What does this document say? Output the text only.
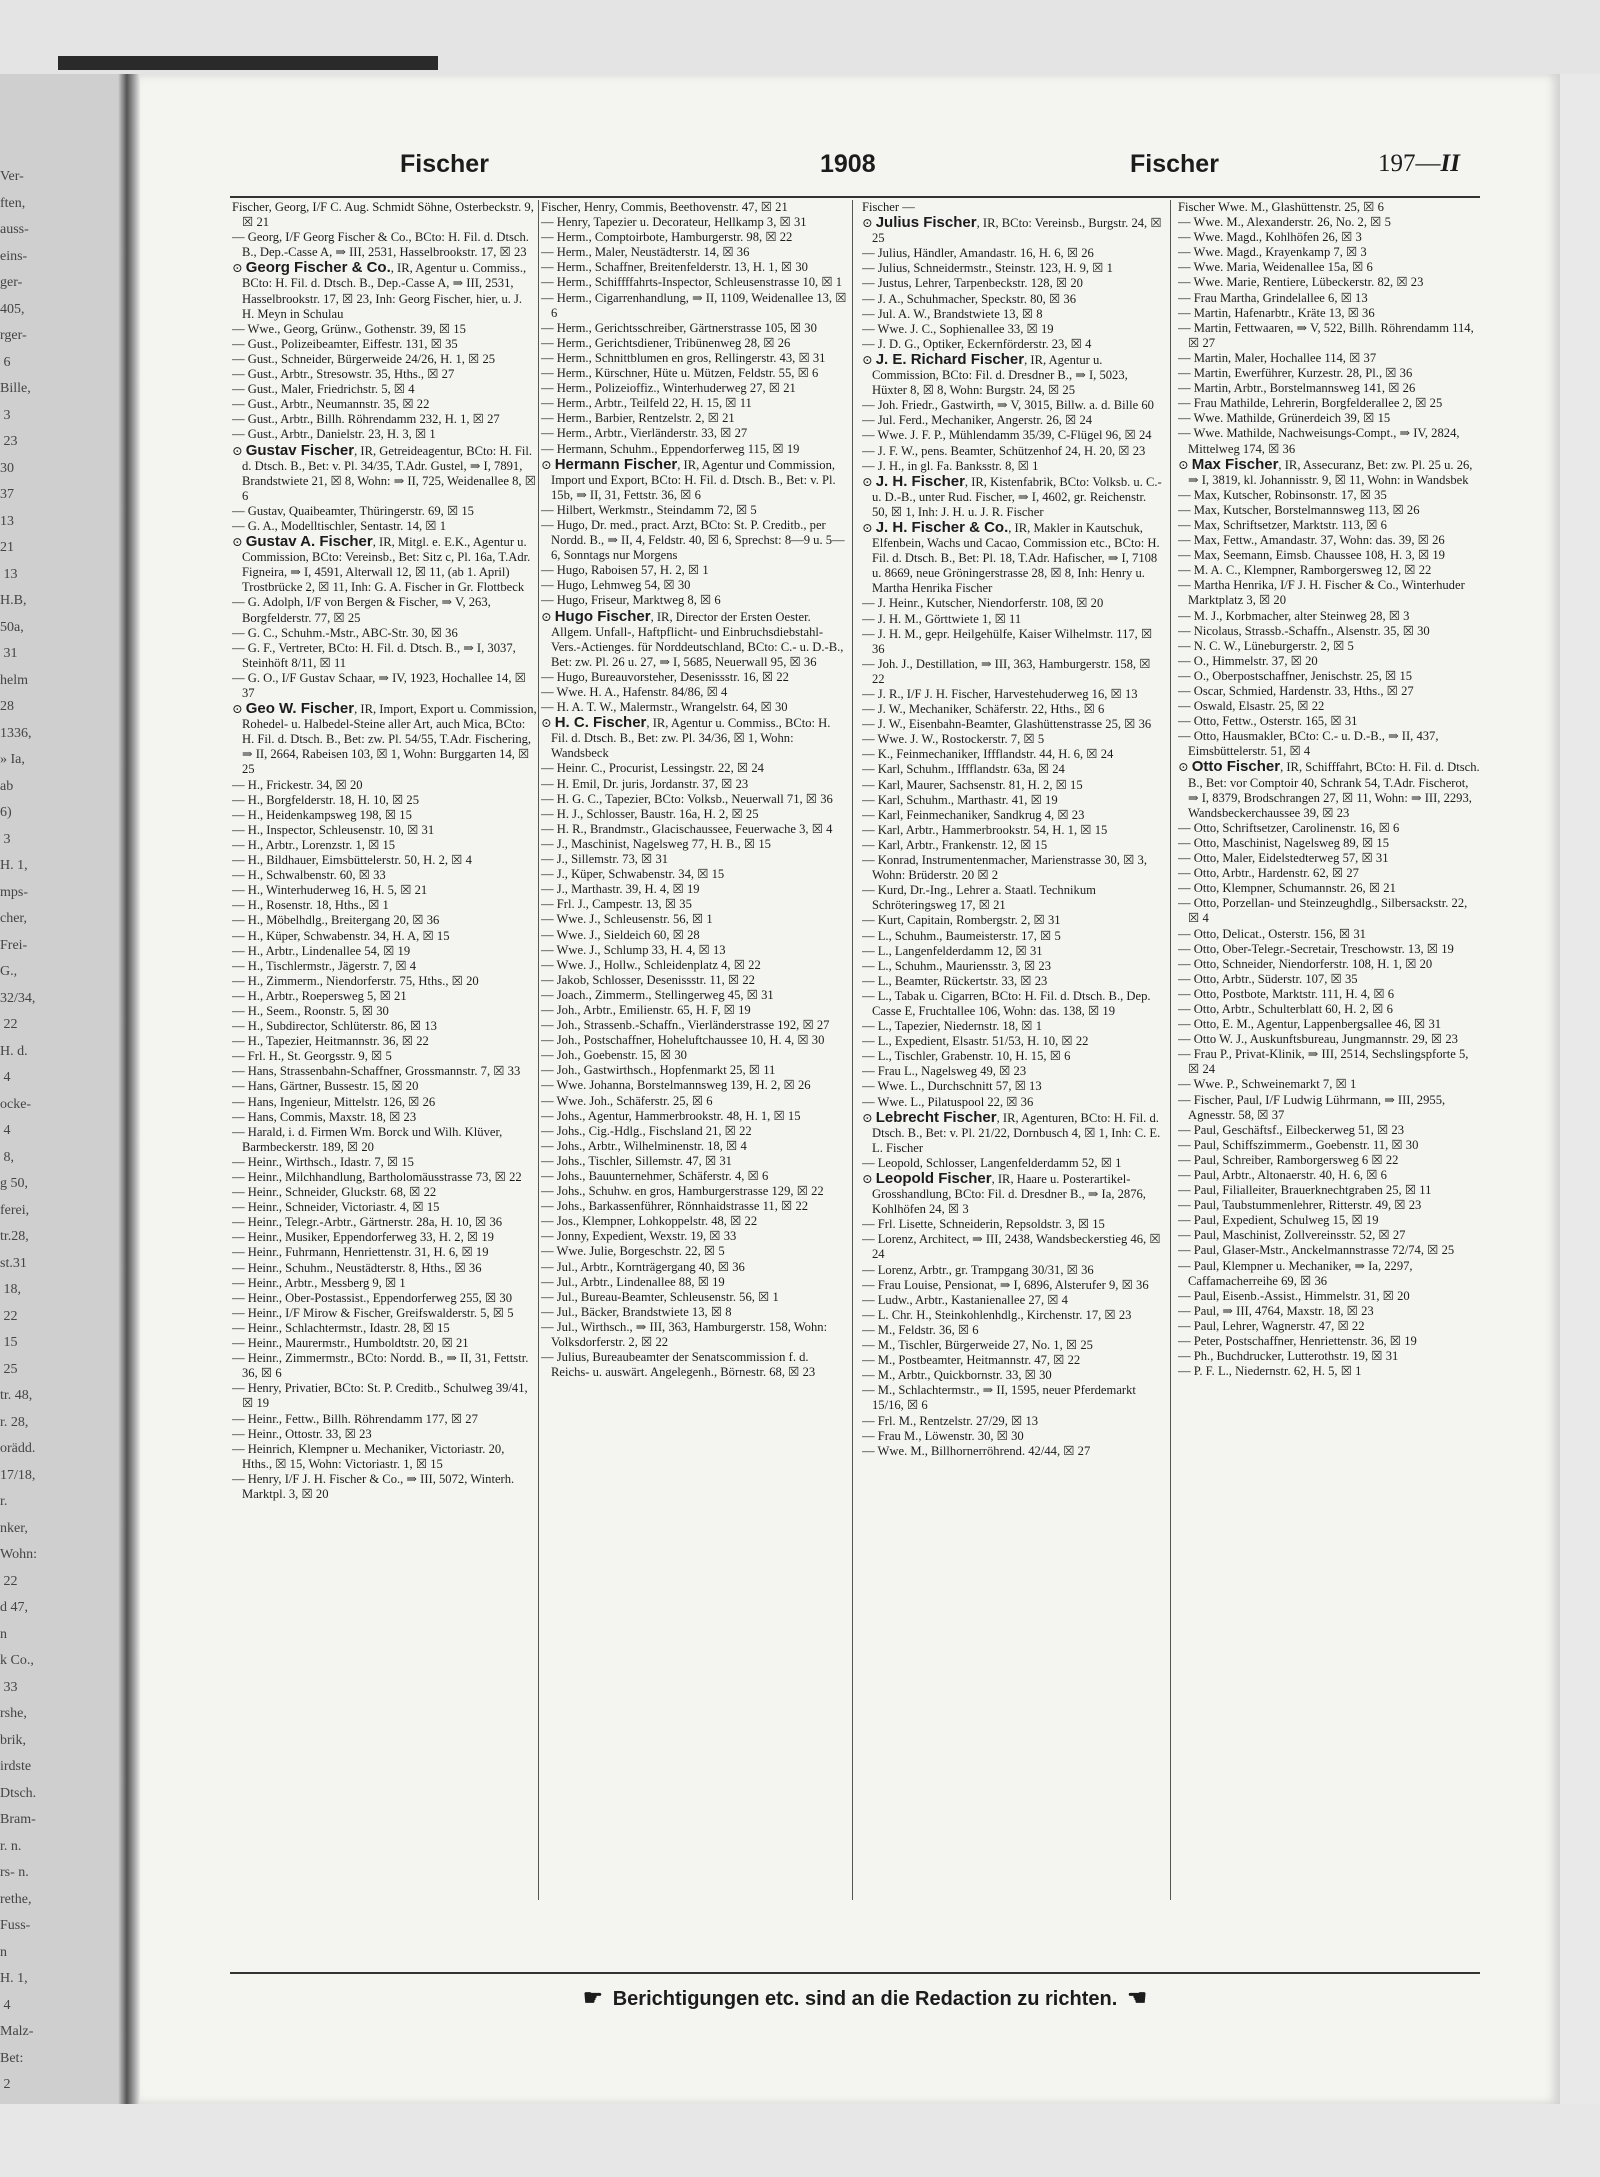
Ver-
ften,
auss-
eins-
ger-
405,
rger-
6
Bille,
3
23
30
37
13
21
13
H.B,
50a,
31
helm
28
1336,
» Ia,
ab
6)
3
H. 1,
mps-
cher,
Frei-
G.,
32/34,
22
H. d.
4
ocke-
4
8,
g 50,
ferei,
tr.28,
st.31
18,
22
15
25
tr. 48,
r. 28,
orädd.
17/18,
r.
nker,
Wohn:
22
d 47,
n
k Co.,
33
rshe,
brik,
irdste
Dtsch.
Bram-
r. n.
rs- n.
rethe,
Fuss-
n
H. 1,
4
Malz-
Bet:
2
Fischer	1908	Fischer	197—II

Fischer, Georg, I/F C. Aug. Schmidt Söhne, Osterbeckstr. 9, ☒ 21

— Georg, I/F Georg Fischer & Co., BCto: H. Fil. d. Dtsch. B., Dep.-Casse A, ⇒ III, 2531, Hasselbrookstr. 17, ☒ 23

⊙ Georg Fischer & Co., IR, Agentur u. Commiss., BCto: H. Fil. d. Dtsch. B., Dep.-Casse A, ⇒ III, 2531, Hasselbrookstr. 17, ☒ 23, Inh: Georg Fischer, hier, u. J. H. Meyn in Schulau

— Wwe., Georg, Grünw., Gothenstr. 39, ☒ 15

— Gust., Polizeibeamter, Eiffestr. 131, ☒ 35

— Gust., Schneider, Bürgerweide 24/26, H. 1, ☒ 25

— Gust., Arbtr., Stresowstr. 35, Hths., ☒ 27

— Gust., Maler, Friedrichstr. 5, ☒ 4

— Gust., Arbtr., Neumannstr. 35, ☒ 22

— Gust., Arbtr., Billh. Röhrendamm 232, H. 1, ☒ 27

— Gust., Arbtr., Danielstr. 23, H. 3, ☒ 1

⊙ Gustav Fischer, IR, Getreideagentur, BCto: H. Fil. d. Dtsch. B., Bet: v. Pl. 34/35, T.Adr. Gustel, ⇒ I, 7891, Brandstwiete 21, ☒ 8, Wohn: ⇒ II, 725, Weidenallee 8, ☒ 6

— Gustav, Quaibeamter, Thüringerstr. 69, ☒ 15

— G. A., Modelltischler, Sentastr. 14, ☒ 1

⊙ Gustav A. Fischer, IR, Mitgl. e. E.K., Agentur u. Commission, BCto: Vereinsb., Bet: Sitz c, Pl. 16a, T.Adr. Figneira, ⇒ I, 4591, Alterwall 12, ☒ 11, (ab 1. April) Trostbrücke 2, ☒ 11, Inh: G. A. Fischer in Gr. Flottbeck

— G. Adolph, I/F von Bergen & Fischer, ⇒ V, 263, Borgfelderstr. 77, ☒ 25

— G. C., Schuhm.-Mstr., ABC-Str. 30, ☒ 36

— G. F., Vertreter, BCto: H. Fil. d. Dtsch. B., ⇒ I, 3037, Steinhöft 8/11, ☒ 11

— G. O., I/F Gustav Schaar, ⇒ IV, 1923, Hochallee 14, ☒ 37

⊙ Geo W. Fischer, IR, Import, Export u. Commission, Rohedel- u. Halbedel-Steine aller Art, auch Mica, BCto: H. Fil. d. Dtsch. B., Bet: zw. Pl. 54/55, T.Adr. Fischering, ⇒ II, 2664, Rabeisen 103, ☒ 1, Wohn: Burggarten 14, ☒ 25

— H., Frickestr. 34, ☒ 20

— H., Borgfelderstr. 18, H. 10, ☒ 25

— H., Heidenkampsweg 198, ☒ 15

— H., Inspector, Schleusenstr. 10, ☒ 31

— H., Arbtr., Lorenzstr. 1, ☒ 15

— H., Bildhauer, Eimsbüttelerstr. 50, H. 2, ☒ 4

— H., Schwalbenstr. 60, ☒ 33

— H., Winterhuderweg 16, H. 5, ☒ 21

— H., Rosenstr. 18, Hths., ☒ 1

— H., Möbelhdlg., Breitergang 20, ☒ 36

— H., Küper, Schwabenstr. 34, H. A, ☒ 15

— H., Arbtr., Lindenallee 54, ☒ 19

— H., Tischlermstr., Jägerstr. 7, ☒ 4

— H., Zimmerm., Niendorferstr. 75, Hths., ☒ 20

— H., Arbtr., Roepersweg 5, ☒ 21

— H., Seem., Roonstr. 5, ☒ 30

— H., Subdirector, Schlüterstr. 86, ☒ 13

— H., Tapezier, Heitmannstr. 36, ☒ 22

— Frl. H., St. Georgsstr. 9, ☒ 5

— Hans, Strassenbahn-Schaffner, Grossmannstr. 7, ☒ 33

— Hans, Gärtner, Bussestr. 15, ☒ 20

— Hans, Ingenieur, Mittelstr. 126, ☒ 26

— Hans, Commis, Maxstr. 18, ☒ 23

— Harald, i. d. Firmen Wm. Borck und Wilh. Klüver, Barmbeckerstr. 189, ☒ 20

— Heinr., Wirthsch., Idastr. 7, ☒ 15

— Heinr., Milchhandlung, Bartholomäusstrasse 73, ☒ 22

— Heinr., Schneider, Gluckstr. 68, ☒ 22

— Heinr., Schneider, Victoriastr. 4, ☒ 15

— Heinr., Telegr.-Arbtr., Gärtnerstr. 28a, H. 10, ☒ 36

— Heinr., Musiker, Eppendorferweg 33, H. 2, ☒ 19

— Heinr., Fuhrmann, Henriettenstr. 31, H. 6, ☒ 19

— Heinr., Schuhm., Neustädterstr. 8, Hths., ☒ 36

— Heinr., Arbtr., Messberg 9, ☒ 1

— Heinr., Ober-Postassist., Eppendorferweg 255, ☒ 30

— Heinr., I/F Mirow & Fischer, Greifswalderstr. 5, ☒ 5

— Heinr., Schlachtermstr., Idastr. 28, ☒ 15

— Heinr., Maurermstr., Humboldtstr. 20, ☒ 21

— Heinr., Zimmermstr., BCto: Nordd. B., ⇒ II, 31, Fettstr. 36, ☒ 6

— Henry, Privatier, BCto: St. P. Creditb., Schulweg 39/41, ☒ 19

— Heinr., Fettw., Billh. Röhrendamm 177, ☒ 27

— Heinr., Ottostr. 33, ☒ 23

— Heinrich, Klempner u. Mechaniker, Victoriastr. 20, Hths., ☒ 15, Wohn: Victoriastr. 1, ☒ 15

— Henry, I/F J. H. Fischer & Co., ⇒ III, 5072, Winterh. Marktpl. 3, ☒ 20

Fischer, Henry, Commis, Beethovenstr. 47, ☒ 21

— Henry, Tapezier u. Decorateur, Hellkamp 3, ☒ 31

— Herm., Comptoirbote, Hamburgerstr. 98, ☒ 22

— Herm., Maler, Neustädterstr. 14, ☒ 36

— Herm., Schaffner, Breitenfelderstr. 13, H. 1, ☒ 30

— Herm., Schiffffahrts-Inspector, Schleusenstrasse 10, ☒ 1

— Herm., Cigarrenhandlung, ⇒ II, 1109, Weidenallee 13, ☒ 6

— Herm., Gerichtsschreiber, Gärtnerstrasse 105, ☒ 30

— Herm., Gerichtsdiener, Tribünenweg 28, ☒ 26

— Herm., Schnittblumen en gros, Rellingerstr. 43, ☒ 31

— Herm., Kürschner, Hüte u. Mützen, Feldstr. 55, ☒ 6

— Herm., Polizeioffiz., Winterhuderweg 27, ☒ 21

— Herm., Arbtr., Teilfeld 22, H. 15, ☒ 11

— Herm., Barbier, Rentzelstr. 2, ☒ 21

— Herm., Arbtr., Vierländerstr. 33, ☒ 27

— Hermann, Schuhm., Eppendorferweg 115, ☒ 19

⊙ Hermann Fischer, IR, Agentur und Commission, Import und Export, BCto: H. Fil. d. Dtsch. B., Bet: v. Pl. 15b, ⇒ II, 31, Fettstr. 36, ☒ 6

— Hilbert, Werkmstr., Steindamm 72, ☒ 5

— Hugo, Dr. med., pract. Arzt, BCto: St. P. Creditb., per Nordd. B., ⇒ II, 4, Feldstr. 40, ☒ 6, Sprechst: 8—9 u. 5—6, Sonntags nur Morgens

— Hugo, Raboisen 57, H. 2, ☒ 1

— Hugo, Lehmweg 54, ☒ 30

— Hugo, Friseur, Marktweg 8, ☒ 6

⊙ Hugo Fischer, IR, Director der Ersten Oester. Allgem. Unfall-, Haftpflicht- und Einbruchsdiebstahl-Vers.-Actienges. für Norddeutschland, BCto: C.- u. D.-B., Bet: zw. Pl. 26 u. 27, ⇒ I, 5685, Neuerwall 95, ☒ 36

— Hugo, Bureauvorsteher, Desenissstr. 16, ☒ 22

— Wwe. H. A., Hafenstr. 84/86, ☒ 4

— H. A. T. W., Malermstr., Wrangelstr. 64, ☒ 30

⊙ H. C. Fischer, IR, Agentur u. Commiss., BCto: H. Fil. d. Dtsch. B., Bet: zw. Pl. 34/36, ☒ 1, Wohn: Wandsbeck

— Heinr. C., Procurist, Lessingstr. 22, ☒ 24

— H. Emil, Dr. juris, Jordanstr. 37, ☒ 23

— H. G. C., Tapezier, BCto: Volksb., Neuerwall 71, ☒ 36

— H. J., Schlosser, Baustr. 16a, H. 2, ☒ 25

— H. R., Brandmstr., Glacischaussee, Feuerwache 3, ☒ 4

— J., Maschinist, Nagelsweg 77, H. B., ☒ 15

— J., Sillemstr. 73, ☒ 31

— J., Küper, Schwabenstr. 34, ☒ 15

— J., Marthastr. 39, H. 4, ☒ 19

— Frl. J., Campestr. 13, ☒ 35

— Wwe. J., Schleusenstr. 56, ☒ 1

— Wwe. J., Sieldeich 60, ☒ 28

— Wwe. J., Schlump 33, H. 4, ☒ 13

— Wwe. J., Hollw., Schleidenplatz 4, ☒ 22

— Jakob, Schlosser, Desenissstr. 11, ☒ 22

— Joach., Zimmerm., Stellingerweg 45, ☒ 31

— Joh., Arbtr., Emilienstr. 65, H. F, ☒ 19

— Joh., Strassenb.-Schaffn., Vierländerstrasse 192, ☒ 27

— Joh., Postschaffner, Hoheluftchaussee 10, H. 4, ☒ 30

— Joh., Goebenstr. 15, ☒ 30

— Joh., Gastwirthsch., Hopfenmarkt 25, ☒ 11

— Wwe. Johanna, Borstelmannsweg 139, H. 2, ☒ 26

— Wwe. Joh., Schäferstr. 25, ☒ 6

— Johs., Agentur, Hammerbrookstr. 48, H. 1, ☒ 15

— Johs., Cig.-Hdlg., Fischsland 21, ☒ 22

— Johs., Arbtr., Wilhelminenstr. 18, ☒ 4

— Johs., Tischler, Sillemstr. 47, ☒ 31

— Johs., Bauunternehmer, Schäferstr. 4, ☒ 6

— Johs., Schuhw. en gros, Hamburgerstrasse 129, ☒ 22

— Johs., Barkassenführer, Rönnhaidstrasse 11, ☒ 22

— Jos., Klempner, Lohkoppelstr. 48, ☒ 22

— Jonny, Expedient, Wexstr. 19, ☒ 33

— Wwe. Julie, Borgeschstr. 22, ☒ 5

— Jul., Arbtr., Kornträgergang 40, ☒ 36

— Jul., Arbtr., Lindenallee 88, ☒ 19

— Jul., Bureau-Beamter, Schleusenstr. 56, ☒ 1

— Jul., Bäcker, Brandstwiete 13, ☒ 8

— Jul., Wirthsch., ⇒ III, 363, Hamburgerstr. 158, Wohn: Volksdorferstr. 2, ☒ 22

— Julius, Bureaubeamter der Senatscommission f. d. Reichs- u. auswärt. Angelegenh., Börnestr. 68, ☒ 23

Fischer —

⊙ Julius Fischer, IR, BCto: Vereinsb., Burgstr. 24, ☒ 25

— Julius, Händler, Amandastr. 16, H. 6, ☒ 26

— Julius, Schneidermstr., Steinstr. 123, H. 9, ☒ 1

— Justus, Lehrer, Tarpenbeckstr. 128, ☒ 20

— J. A., Schuhmacher, Speckstr. 80, ☒ 36

— Jul. A. W., Brandstwiete 13, ☒ 8

— Wwe. J. C., Sophienallee 33, ☒ 19

— J. D. G., Optiker, Eckernförderstr. 23, ☒ 4

⊙ J. E. Richard Fischer, IR, Agentur u. Commission, BCto: Fil. d. Dresdner B., ⇒ I, 5023, Hüxter 8, ☒ 8, Wohn: Burgstr. 24, ☒ 25

— Joh. Friedr., Gastwirth, ⇒ V, 3015, Billw. a. d. Bille 60

— Jul. Ferd., Mechaniker, Angerstr. 26, ☒ 24

— Wwe. J. F. P., Mühlendamm 35/39, C-Flügel 96, ☒ 24

— J. F. W., pens. Beamter, Schützenhof 24, H. 20, ☒ 23

— J. H., in gl. Fa. Banksstr. 8, ☒ 1

⊙ J. H. Fischer, IR, Kistenfabrik, BCto: Volksb. u. C.- u. D.-B., unter Rud. Fischer, ⇒ I, 4602, gr. Reichenstr. 50, ☒ 1, Inh: J. H. u. J. R. Fischer

⊙ J. H. Fischer & Co., IR, Makler in Kautschuk, Elfenbein, Wachs und Cacao, Commission etc., BCto: H. Fil. d. Dtsch. B., Bet: Pl. 18, T.Adr. Hafischer, ⇒ I, 7108 u. 8669, neue Gröningerstrasse 28, ☒ 8, Inh: Henry u. Martha Henrika Fischer

— J. Heinr., Kutscher, Niendorferstr. 108, ☒ 20

— J. H. M., Görttwiete 1, ☒ 11

— J. H. M., gepr. Heilgehülfe, Kaiser Wilhelmstr. 117, ☒ 36

— Joh. J., Destillation, ⇒ III, 363, Hamburgerstr. 158, ☒ 22

— J. R., I/F J. H. Fischer, Harvestehuderweg 16, ☒ 13

— J. W., Mechaniker, Schäferstr. 22, Hths., ☒ 6

— J. W., Eisenbahn-Beamter, Glashüttenstrasse 25, ☒ 36

— Wwe. J. W., Rostockerstr. 7, ☒ 5

— K., Feinmechaniker, Iffflandstr. 44, H. 6, ☒ 24

— Karl, Schuhm., Iffflandstr. 63a, ☒ 24

— Karl, Maurer, Sachsenstr. 81, H. 2, ☒ 15

— Karl, Schuhm., Marthastr. 41, ☒ 19

— Karl, Feinmechaniker, Sandkrug 4, ☒ 23

— Karl, Arbtr., Hammerbrookstr. 54, H. 1, ☒ 15

— Karl, Arbtr., Frankenstr. 12, ☒ 15

— Konrad, Instrumentenmacher, Marienstrasse 30, ☒ 3, Wohn: Brüderstr. 20 ☒ 2

— Kurd, Dr.-Ing., Lehrer a. Staatl. Technikum Schröteringsweg 17, ☒ 21

— Kurt, Capitain, Rombergstr. 2, ☒ 31

— L., Schuhm., Baumeisterstr. 17, ☒ 5

— L., Langenfelderdamm 12, ☒ 31

— L., Schuhm., Mauriensstr. 3, ☒ 23

— L., Beamter, Rückertstr. 33, ☒ 23

— L., Tabak u. Cigarren, BCto: H. Fil. d. Dtsch. B., Dep. Casse E, Fruchtallee 106, Wohn: das. 138, ☒ 19

— L., Tapezier, Niedernstr. 18, ☒ 1

— L., Expedient, Elsastr. 51/53, H. 10, ☒ 22

— L., Tischler, Grabenstr. 10, H. 15, ☒ 6

— Frau L., Nagelsweg 49, ☒ 23

— Wwe. L., Durchschnitt 57, ☒ 13

— Wwe. L., Pilatuspool 22, ☒ 36

⊙ Lebrecht Fischer, IR, Agenturen, BCto: H. Fil. d. Dtsch. B., Bet: v. Pl. 21/22, Dornbusch 4, ☒ 1, Inh: C. E. L. Fischer

— Leopold, Schlosser, Langenfelderdamm 52, ☒ 1

⊙ Leopold Fischer, IR, Haare u. Posterartikel-Grosshandlung, BCto: Fil. d. Dresdner B., ⇒ Ia, 2876, Kohlhöfen 24, ☒ 3

— Frl. Lisette, Schneiderin, Repsoldstr. 3, ☒ 15

— Lorenz, Architect, ⇒ III, 2438, Wandsbeckerstieg 46, ☒ 24

— Lorenz, Arbtr., gr. Trampgang 30/31, ☒ 36

— Frau Louise, Pensionat, ⇒ I, 6896, Alsterufer 9, ☒ 36

— Ludw., Arbtr., Kastanienallee 27, ☒ 4

— L. Chr. H., Steinkohlenhdlg., Kirchenstr. 17, ☒ 23

— M., Feldstr. 36, ☒ 6

— M., Tischler, Bürgerweide 27, No. 1, ☒ 25

— M., Postbeamter, Heitmannstr. 47, ☒ 22

— M., Arbtr., Quickbornstr. 33, ☒ 30

— M., Schlachtermstr., ⇒ II, 1595, neuer Pferdemarkt 15/16, ☒ 6

— Frl. M., Rentzelstr. 27/29, ☒ 13

— Frau M., Löwenstr. 30, ☒ 30

— Wwe. M., Billhornerröhrend. 42/44, ☒ 27

Fischer Wwe. M., Glashüttenstr. 25, ☒ 6

— Wwe. M., Alexanderstr. 26, No. 2, ☒ 5

— Wwe. Magd., Kohlhöfen 26, ☒ 3

— Wwe. Magd., Krayenkamp 7, ☒ 3

— Wwe. Maria, Weidenallee 15a, ☒ 6

— Wwe. Marie, Rentiere, Lübeckerstr. 82, ☒ 23

— Frau Martha, Grindelallee 6, ☒ 13

— Martin, Hafenarbtr., Kräte 13, ☒ 36

— Martin, Fettwaaren, ⇒ V, 522, Billh. Röhrendamm 114, ☒ 27

— Martin, Maler, Hochallee 114, ☒ 37

— Martin, Ewerführer, Kurzestr. 28, Pl., ☒ 36

— Martin, Arbtr., Borstelmannsweg 141, ☒ 26

— Frau Mathilde, Lehrerin, Borgfelderallee 2, ☒ 25

— Wwe. Mathilde, Grünerdeich 39, ☒ 15

— Wwe. Mathilde, Nachweisungs-Compt., ⇒ IV, 2824, Mittelweg 174, ☒ 36

⊙ Max Fischer, IR, Assecuranz, Bet: zw. Pl. 25 u. 26, ⇒ I, 3819, kl. Johannisstr. 9, ☒ 11, Wohn: in Wandsbek

— Max, Kutscher, Robinsonstr. 17, ☒ 35

— Max, Kutscher, Borstelmannsweg 113, ☒ 26

— Max, Schriftsetzer, Marktstr. 113, ☒ 6

— Max, Fettw., Amandastr. 37, Wohn: das. 39, ☒ 26

— Max, Seemann, Eimsb. Chaussee 108, H. 3, ☒ 19

— M. A. C., Klempner, Ramborgersweg 12, ☒ 22

— Martha Henrika, I/F J. H. Fischer & Co., Winterhuder Marktplatz 3, ☒ 20

— M. J., Korbmacher, alter Steinweg 28, ☒ 3

— Nicolaus, Strassb.-Schaffn., Alsenstr. 35, ☒ 30

— N. C. W., Lüneburgerstr. 2, ☒ 5

— O., Himmelstr. 37, ☒ 20

— O., Oberpostschaffner, Jenischstr. 25, ☒ 15

— Oscar, Schmied, Hardenstr. 33, Hths., ☒ 27

— Oswald, Elsastr. 25, ☒ 22

— Otto, Fettw., Osterstr. 165, ☒ 31

— Otto, Hausmakler, BCto: C.- u. D.-B., ⇒ II, 437, Eimsbüttelerstr. 51, ☒ 4

⊙ Otto Fischer, IR, Schifffahrt, BCto: H. Fil. d. Dtsch. B., Bet: vor Comptoir 40, Schrank 54, T.Adr. Fischerot, ⇒ I, 8379, Brodschrangen 27, ☒ 11, Wohn: ⇒ III, 2293, Wandsbeckerchaussee 39, ☒ 23

— Otto, Schriftsetzer, Carolinenstr. 16, ☒ 6

— Otto, Maschinist, Nagelsweg 89, ☒ 15

— Otto, Maler, Eidelstedterweg 57, ☒ 31

— Otto, Arbtr., Hardenstr. 62, ☒ 27

— Otto, Klempner, Schumannstr. 26, ☒ 21

— Otto, Porzellan- und Steinzeughdlg., Silbersackstr. 22, ☒ 4

— Otto, Delicat., Osterstr. 156, ☒ 31

— Otto, Ober-Telegr.-Secretair, Treschowstr. 13, ☒ 19

— Otto, Schneider, Niendorferstr. 108, H. 1, ☒ 20

— Otto, Arbtr., Süderstr. 107, ☒ 35

— Otto, Postbote, Marktstr. 111, H. 4, ☒ 6

— Otto, Arbtr., Schulterblatt 60, H. 2, ☒ 6

— Otto, E. M., Agentur, Lappenbergsallee 46, ☒ 31

— Otto W. J., Auskunftsbureau, Jungmannstr. 29, ☒ 23

— Frau P., Privat-Klinik, ⇒ III, 2514, Sechslingspforte 5, ☒ 24

— Wwe. P., Schweinemarkt 7, ☒ 1

— Fischer, Paul, I/F Ludwig Lührmann, ⇒ III, 2955, Agnesstr. 58, ☒ 37

— Paul, Geschäftsf., Eilbeckerweg 51, ☒ 23

— Paul, Schiffszimmerm., Goebenstr. 11, ☒ 30

— Paul, Schreiber, Ramborgersweg 6 ☒ 22

— Paul, Arbtr., Altonaerstr. 40, H. 6, ☒ 6

— Paul, Filialleiter, Brauerknechtgraben 25, ☒ 11

— Paul, Taubstummenlehrer, Ritterstr. 49, ☒ 23

— Paul, Expedient, Schulweg 15, ☒ 19

— Paul, Maschinist, Zollvereinsstr. 52, ☒ 27

— Paul, Glaser-Mstr., Anckelmannstrasse 72/74, ☒ 25

— Paul, Klempner u. Mechaniker, ⇒ Ia, 2297, Caffamacherreihe 69, ☒ 36

— Paul, Eisenb.-Assist., Himmelstr. 31, ☒ 20

— Paul, ⇒ III, 4764, Maxstr. 18, ☒ 23

— Paul, Lehrer, Wagnerstr. 47, ☒ 22

— Peter, Postschaffner, Henriettenstr. 36, ☒ 19

— Ph., Buchdrucker, Lutterothstr. 19, ☒ 31

— P. F. L., Niedernstr. 62, H. 5, ☒ 1

☛ Berichtigungen etc. sind an die Redaction zu richten. ☚
